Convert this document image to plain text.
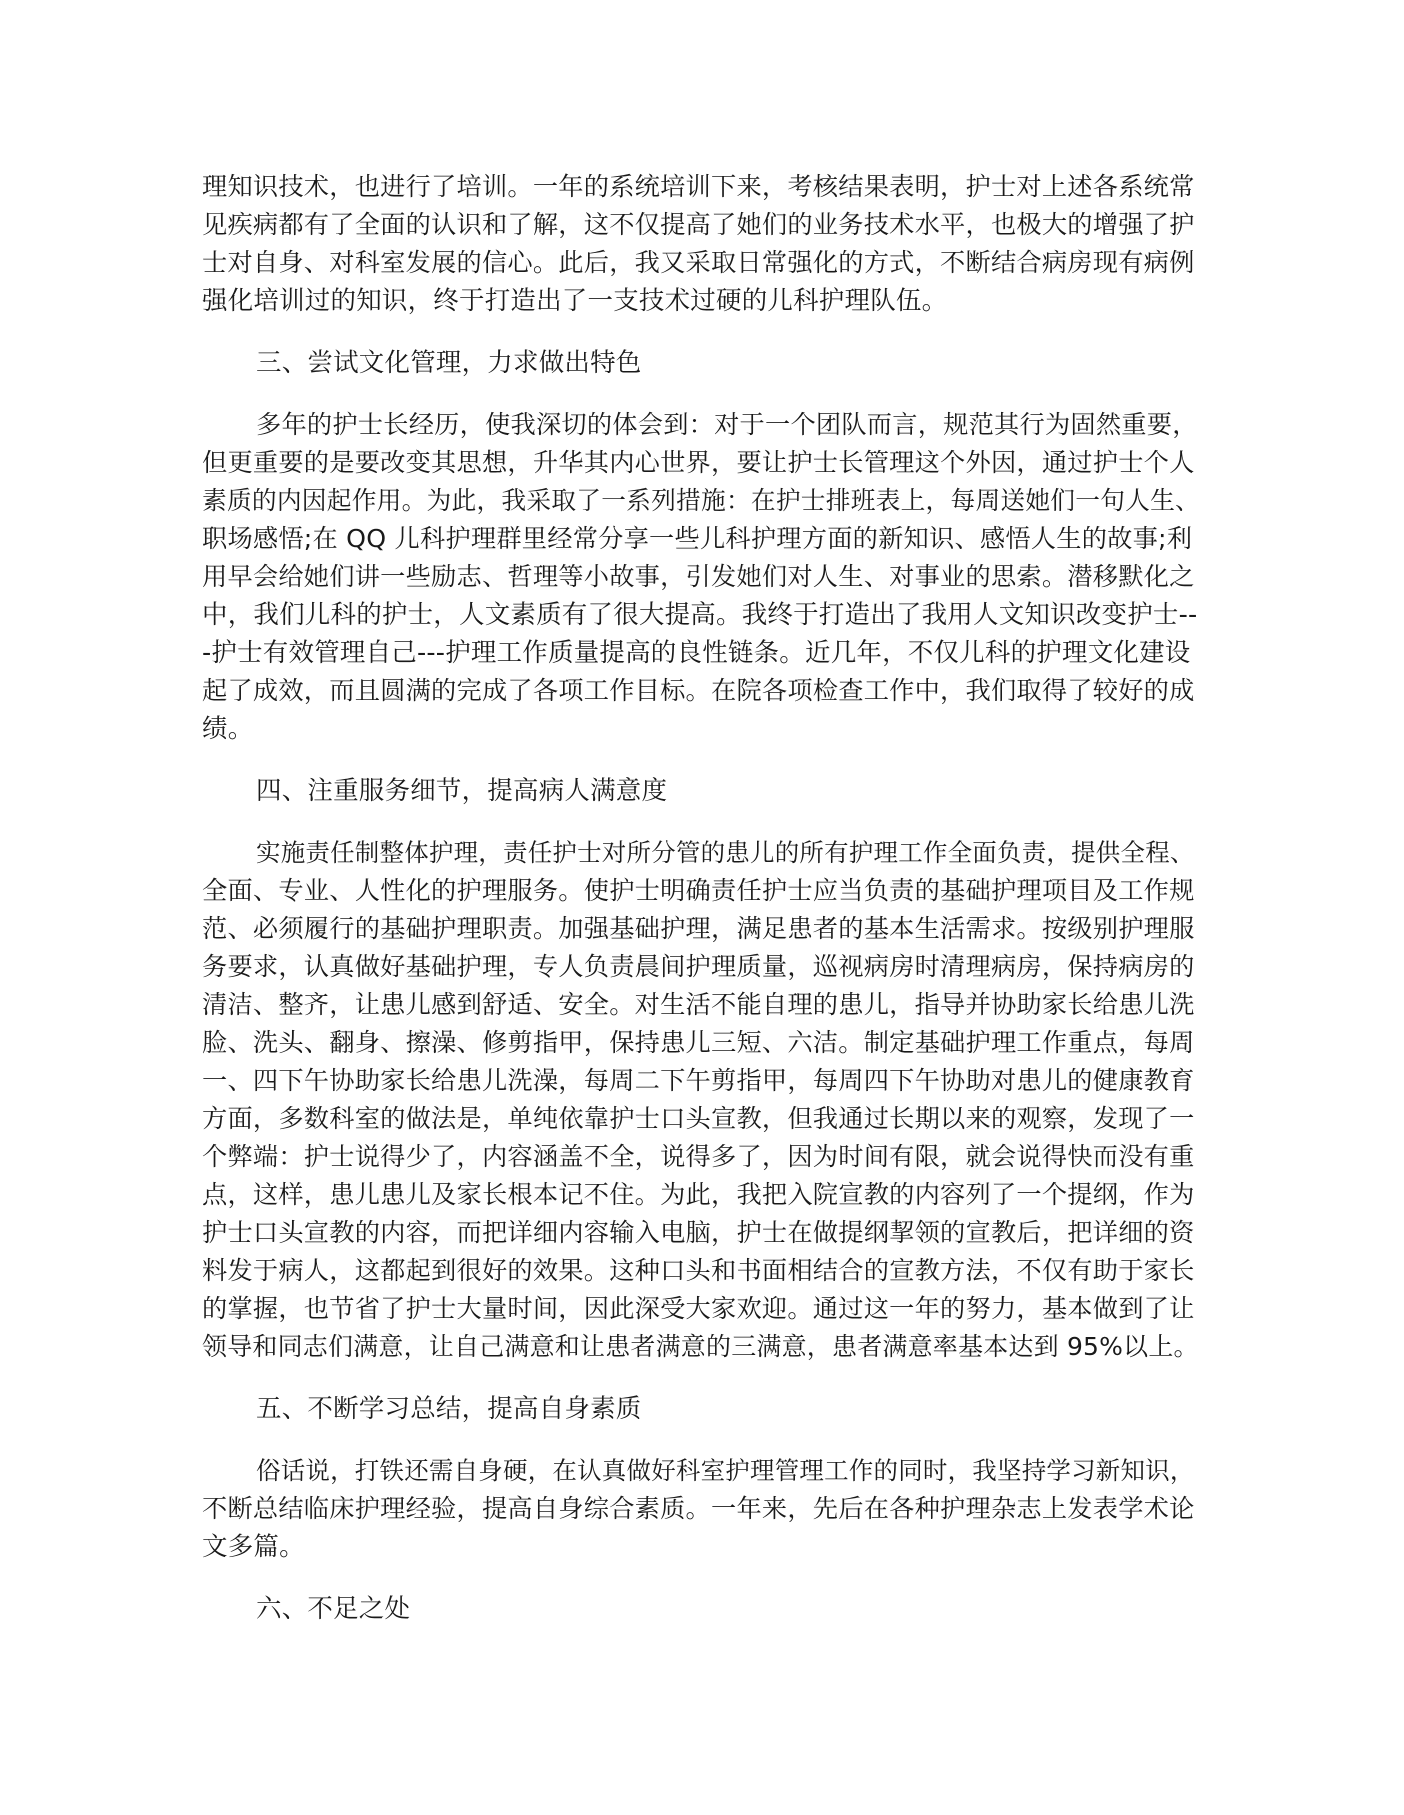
理知识技术，也进行了培训。一年的系统培训下来，考核结果表明，护士对上述各系统常
见疾病都有了全面的认识和了解，这不仅提高了她们的业务技术水平，也极大的增强了护
士对自身、对科室发展的信心。此后，我又采取日常强化的方式，不断结合病房现有病例
强化培训过的知识，终于打造出了一支技术过硬的儿科护理队伍。
三、尝试文化管理，力求做出特色
多年的护士长经历，使我深切的体会到：对于一个团队而言，规范其行为固然重要，
但更重要的是要改变其思想，升华其内心世界，要让护士长管理这个外因，通过护士个人
素质的内因起作用。为此，我采取了一系列措施：在护士排班表上，每周送她们一句人生、
职场感悟;在 QQ 儿科护理群里经常分享一些儿科护理方面的新知识、感悟人生的故事;利
用早会给她们讲一些励志、哲理等小故事，引发她们对人生、对事业的思索。潜移默化之
中，我们儿科的护士，人文素质有了很大提高。我终于打造出了我用人文知识改变护士--
-护士有效管理自己---护理工作质量提高的良性链条。近几年，不仅儿科的护理文化建设
起了成效，而且圆满的完成了各项工作目标。在院各项检查工作中，我们取得了较好的成
绩。
四、注重服务细节，提高病人满意度
实施责任制整体护理，责任护士对所分管的患儿的所有护理工作全面负责，提供全程、
全面、专业、人性化的护理服务。使护士明确责任护士应当负责的基础护理项目及工作规
范、必须履行的基础护理职责。加强基础护理，满足患者的基本生活需求。按级别护理服
务要求，认真做好基础护理，专人负责晨间护理质量，巡视病房时清理病房，保持病房的
清洁、整齐，让患儿感到舒适、安全。对生活不能自理的患儿，指导并协助家长给患儿洗
脸、洗头、翻身、擦澡、修剪指甲，保持患儿三短、六洁。制定基础护理工作重点，每周
一、四下午协助家长给患儿洗澡，每周二下午剪指甲，每周四下午协助对患儿的健康教育
方面，多数科室的做法是，单纯依靠护士口头宣教，但我通过长期以来的观察，发现了一
个弊端：护士说得少了，内容涵盖不全，说得多了，因为时间有限，就会说得快而没有重
点，这样，患儿患儿及家长根本记不住。为此，我把入院宣教的内容列了一个提纲，作为
护士口头宣教的内容，而把详细内容输入电脑，护士在做提纲挈领的宣教后，把详细的资
料发于病人，这都起到很好的效果。这种口头和书面相结合的宣教方法，不仅有助于家长
的掌握，也节省了护士大量时间，因此深受大家欢迎。通过这一年的努力，基本做到了让
领导和同志们满意，让自己满意和让患者满意的三满意，患者满意率基本达到 95%以上。
五、不断学习总结，提高自身素质
俗话说，打铁还需自身硬，在认真做好科室护理管理工作的同时，我坚持学习新知识，
不断总结临床护理经验，提高自身综合素质。一年来，先后在各种护理杂志上发表学术论
文多篇。
六、不足之处
